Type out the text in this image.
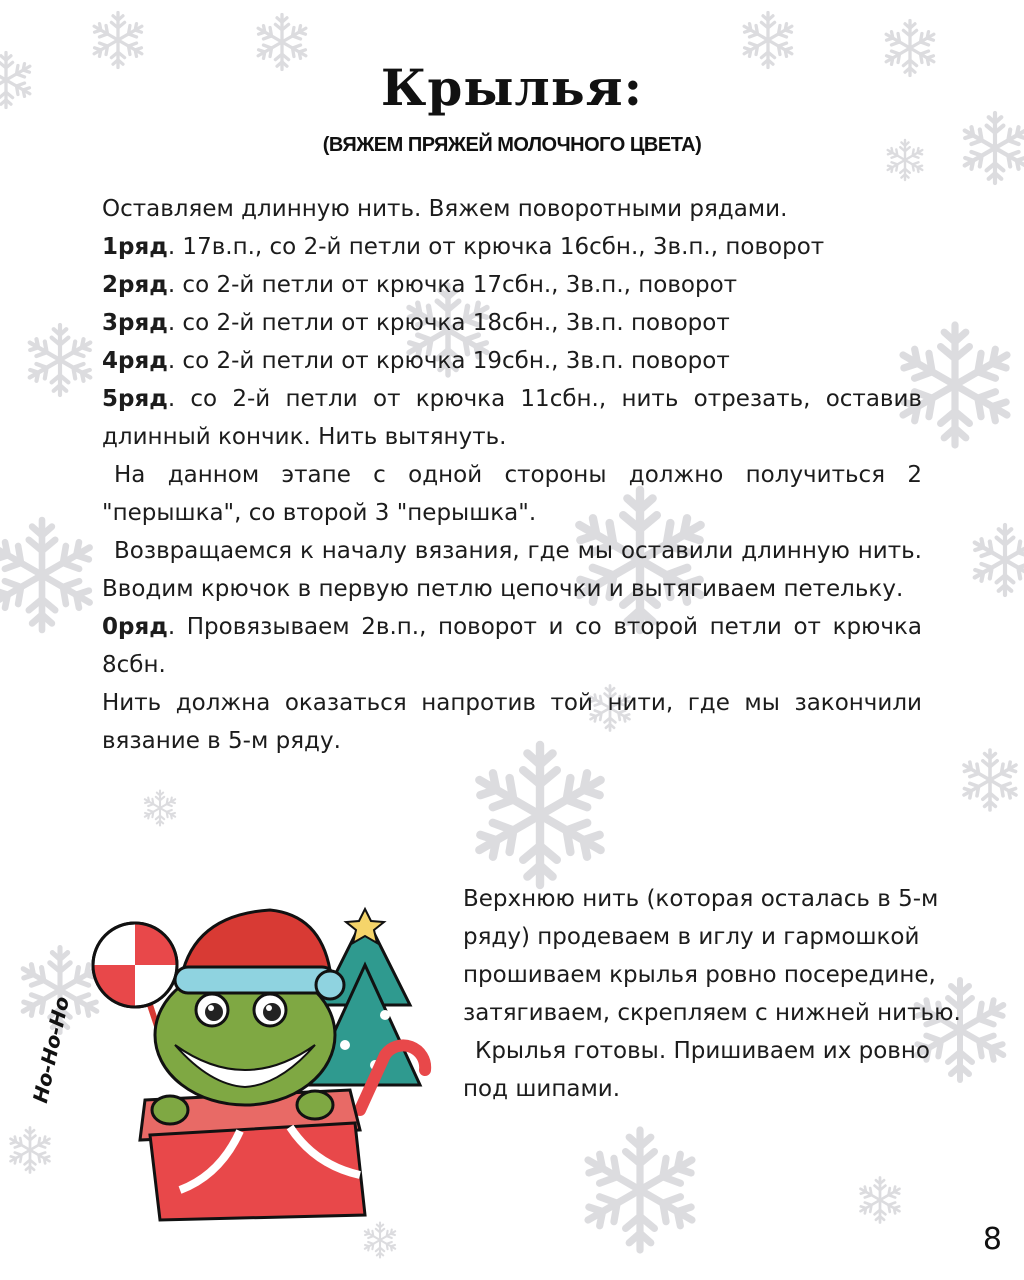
Крылья:
(ВЯЖЕМ ПРЯЖЕЙ МОЛОЧНОГО ЦВЕТА)

Оставляем длинную нить. Вяжем поворотными рядами.

1ряд. 17в.п., со 2-й петли от крючка 16сбн., 3в.п., поворот

2ряд. со 2-й петли от крючка 17сбн., 3в.п., поворот

3ряд. со 2-й петли от крючка 18сбн., 3в.п. поворот

4ряд. со 2-й петли от крючка 19сбн., 3в.п. поворот

5ряд. со 2-й петли от крючка 11сбн., нить отрезать, оставив длинный кончик. Нить вытянуть.

На данном этапе с одной стороны должно получиться 2 "перышка", со второй 3 "перышка".

Возвращаемся к началу вязания, где мы оставили длинную нить. Вводим крючок в первую петлю цепочки и вытягиваем петельку.

0ряд. Провязываем 2в.п., поворот и со второй петли от крючка 8сбн.

Нить должна оказаться напротив той нити, где мы закончили вязание в 5-м ряду.

Верхнюю нить (которая осталась в 5-м ряду) продеваем в иглу и гармошкой прошиваем крылья ровно посередине, затягиваем, скрепляем с нижней нитью.

Крылья готовы. Пришиваем их ровно под шипами.

Ho-Ho-Ho
8
